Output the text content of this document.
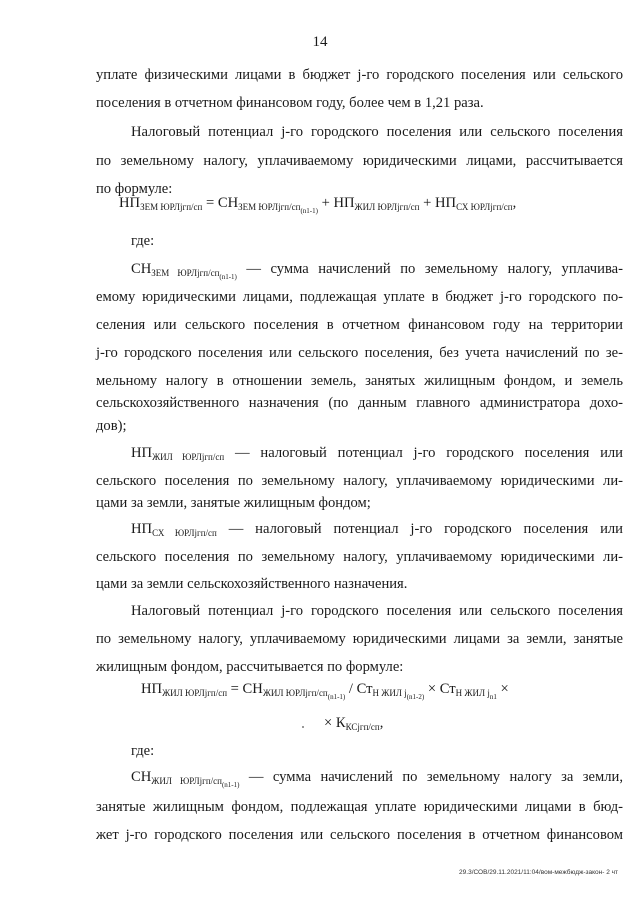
14
уплате физическими лицами в бюджет j-го городского поселения или сельского
поселения в отчетном финансовом году, более чем в 1,21 раза.
Налоговый потенциал j-го городского поселения или сельского поселения
по земельному налогу, уплачиваемому юридическими лицами, рассчитывается
по формуле:
$НП_{ЗЕМ ЮРЛjгп/сп} = СН_{ЗЕМ ЮРЛjгп/сп_{(n1-1)}} + НП_{ЖИЛ ЮРЛjгп/сп} + НП_{СХ ЮРЛjгп/сп}$,
где:
$СН_{ЗЕМ ЮРЛjгп/сп_{(n1-1)}}$ — сумма начислений по земельному налогу, уплачива-
емому юридическими лицами, подлежащая уплате в бюджет j-го городского по-
селения или сельского поселения в отчетном финансовом году на территории
j-го городского поселения или сельского поселения, без учета начислений по зе-
мельному налогу в отношении земель, занятых жилищным фондом, и земель
сельскохозяйственного назначения (по данным главного администратора дохо-
дов);
$НП_{ЖИЛ ЮРЛjгп/сп}$ — налоговый потенциал j-го городского поселения или
сельского поселения по земельному налогу, уплачиваемому юридическими ли-
цами за земли, занятые жилищным фондом;
$НП_{СХ ЮРЛjгп/сп}$ — налоговый потенциал j-го городского поселения или
сельского поселения по земельному налогу, уплачиваемому юридическими ли-
цами за земли сельскохозяйственного назначения.
Налоговый потенциал j-го городского поселения или сельского поселения
по земельному налогу, уплачиваемому юридическими лицами за земли, занятые
жилищным фондом, рассчитывается по формуле:
$НП_{ЖИЛ ЮРЛjгп/сп} = СН_{ЖИЛ ЮРЛjгп/сп_{(n1-1)}} / Ст_{Н ЖИЛ j_{(n1-2)}} \times Ст_{Н ЖИЛ j_{n1}}$ ×
× $К_{КСjгп/сп}$,
где:
$СН_{ЖИЛ ЮРЛjгп/сп_{(n1-1)}}$ — сумма начислений по земельному налогу за земли,
занятые жилищным фондом, подлежащая уплате юридическими лицами в бюд-
жет j-го городского поселения или сельского поселения в отчетном финансовом
29.3/СОВ/29.11.2021/11:04/вом-межбюдж-закон- 2 чт
